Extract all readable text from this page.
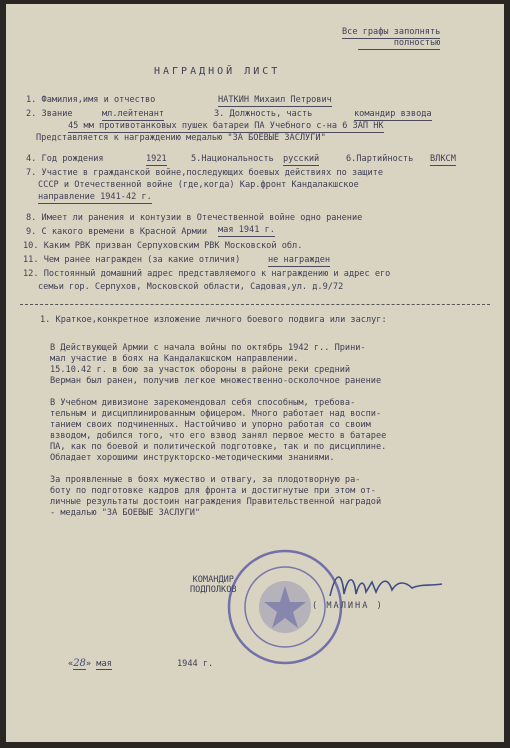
Все графы заполнять
полностью
НАГРАДНОЙ ЛИСТ
1. Фамилия,имя и отчество	НАТКИН Михаил Петрович
2. Звание	мл.лейтенант	3. Должность, часть	командир взвода
45 мм противотанковых пушек батареи ПА Учебного с-на 6 ЗАП НК
Представляется к награждению медалью "ЗА БОЕВЫЕ ЗАСЛУГИ"
4. Год рождения	1921	5.Национальность русский	6.Партийность ВЛКСМ
7. Участие в гражданской войне,последующих боевых действиях по защите
СССР и Отечественной войне (где,когда) Кар.фронт Кандалакшское
направление 1941-42 г.
8. Имеет ли ранения и контузии в Отечественной войне одно ранение
9. С какого времени в Красной Армии мая 1941 г.
10. Каким РВК призван Серпуховским РВК Московской обл.
11. Чем ранее награжден (за какие отличия)	не награжден
12. Постоянный домашний адрес представляемого к награждению и адрес его
семьи гор. Серпухов, Московской области, Садовая,ул. д.9/72
1. Краткое,конкретное изложение личного боевого подвига или заслуг:
В Действующей Армии с начала войны по октябрь 1942 г.. Прини-
мал участие в боях на Кандалакшском направлении.
15.10.42 г. в бою за участок обороны в районе реки средний
Верман был ранен, получив легкое множественно-осколочное ранение
В Учебном дивизионе зарекомендовал себя способным, требова-
тельным и дисциплинированным офицером. Много работает над воспи-
танием своих подчиненных. Настойчиво и упорно работая со своим
взводом, добился того, что его взвод занял первое место в батарее
ПА, как по боевой и политической подготовке, так и по дисциплине.
Обладает хорошими инструкторско-методическими знаниями.
За проявленные в боях мужество и отвагу, за плодотворную ра-
боту по подготовке кадров для фронта и достигнутые при этом от-
личные результаты достоин награждения Правительственной наградой
- медалью "ЗА БОЕВЫЕ ЗАСЛУГИ"
КОМАНДИР
ПОДПОЛКОВ
( МАЛИНА )
«28» мая	1944 г.
